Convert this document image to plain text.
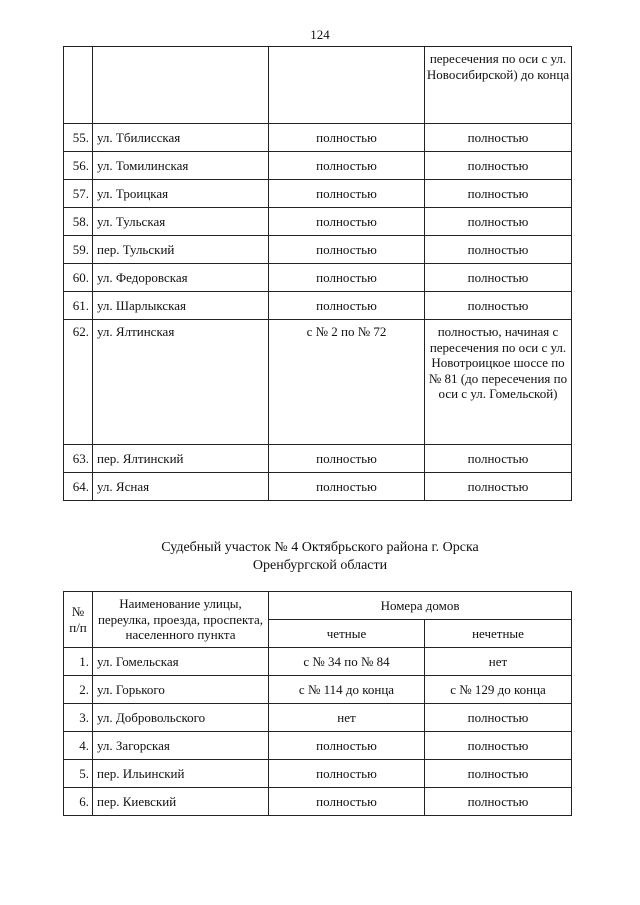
124
			пересечения по оси с ул. Новосибирской) до конца
55.	ул. Тбилисская	полностью	полностью
56.	ул. Томилинская	полностью	полностью
57.	ул. Троицкая	полностью	полностью
58.	ул. Тульская	полностью	полностью
59.	пер. Тульский	полностью	полностью
60.	ул. Федоровская	полностью	полностью
61.	ул. Шарлыкская	полностью	полностью
62.	ул. Ялтинская	с № 2 по № 72	полностью, начиная с пересечения по оси с ул. Новотроицкое шоссе по № 81 (до пересечения по оси с ул. Гомельской)
63.	пер. Ялтинский	полностью	полностью
64.	ул. Ясная	полностью	полностью
Судебный участок № 4 Октябрьского района г. Орска
Оренбургской области
№ п/п	Наименование улицы, переулка, проезда, проспекта, населенного пункта	Номера домов	
		четные	нечетные
1.	ул. Гомельская	с № 34 по № 84	нет
2.	ул. Горького	с № 114 до конца	с № 129 до конца
3.	ул. Добровольского	нет	полностью
4.	ул. Загорская	полностью	полностью
5.	пер. Ильинский	полностью	полностью
6.	пер. Киевский	полностью	полностью
